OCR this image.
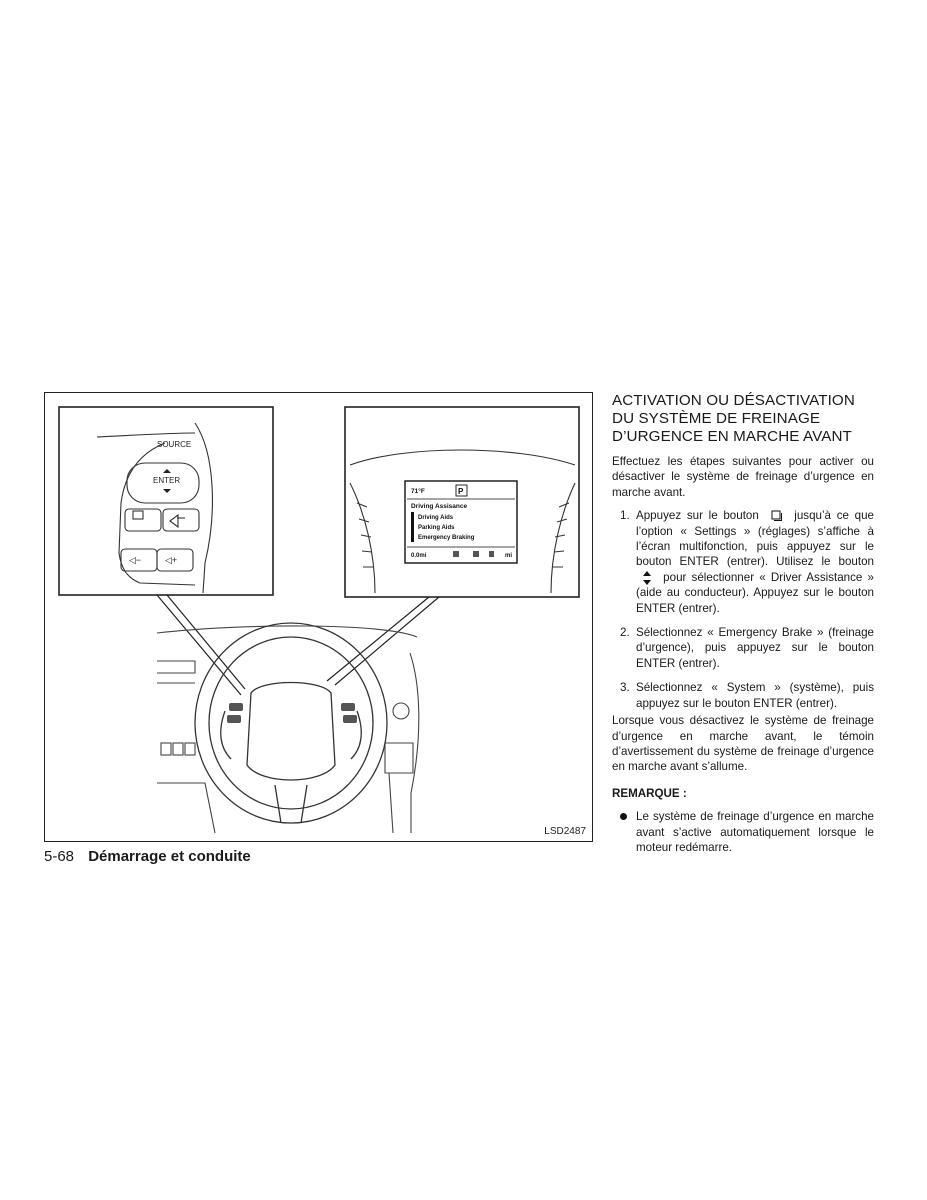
SOURCE
ENTER
◁−	◁+
71°F	P
Driving Assisance
Driving Aids
Parking Aids
Emergency Braking
0.0mi	mi
LSD2487
5-68 Démarrage et conduite
ACTIVATION OU DÉSACTIVATION
DU SYSTÈME DE FREINAGE
D’URGENCE EN MARCHE AVANT

Effectuez les étapes suivantes pour activer ou désactiver le système de freinage d’urgence en marche avant.

1. Appuyez sur le bouton	jusqu’à ce que l’option « Settings » (réglages) s’affiche à l’écran multifonction, puis appuyez sur le bouton ENTER (entrer). Utilisez le bouton  pour sélectionner « Driver Assistance » (aide au conducteur). Appuyez sur le bouton ENTER (entrer).
2. Sélectionnez « Emergency Brake » (freinage d’urgence), puis appuyez sur le bouton ENTER (entrer).
3. Sélectionnez « System » (système), puis appuyez sur le bouton ENTER (entrer).

Lorsque vous désactivez le système de freinage d’urgence en marche avant, le témoin d’avertissement du système de freinage d’urgence en marche avant s’allume.

REMARQUE :

Le système de freinage d’urgence en marche avant s’active automatiquement lorsque le moteur redémarre.
